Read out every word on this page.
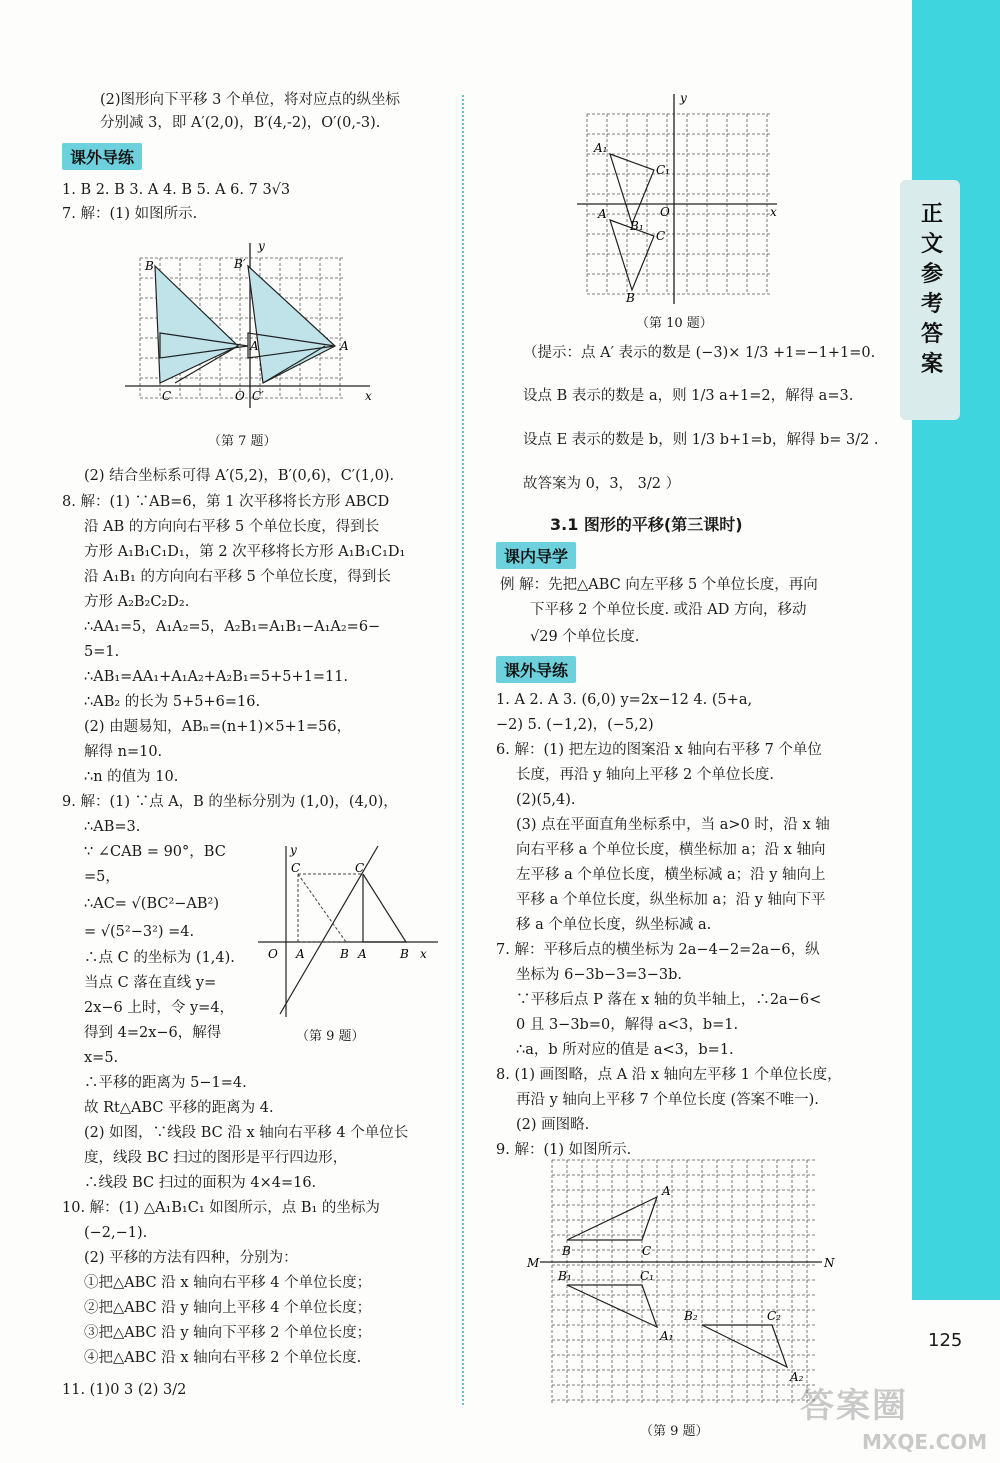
正文参考答案
125
答案圈
MXQE.COM
(2)图形向下平移 3 个单位，将对应点的纵坐标
分别减 3，即 A′(2,0)，B′(4,-2)，O′(0,-3).
课外导练
1. B 2. B 3. A 4. B 5. A 6. 7 3√3
7. 解：(1) 如图所示.
B	B′
A	A
C	O C′
y
x
（第 7 题）
(2) 结合坐标系可得 A′(5,2)，B′(0,6)，C′(1,0).
8. 解：(1) ∵AB=6，第 1 次平移将长方形 ABCD
沿 AB 的方向向右平移 5 个单位长度，得到长
方形 A₁B₁C₁D₁，第 2 次平移将长方形 A₁B₁C₁D₁
沿 A₁B₁ 的方向向右平移 5 个单位长度，得到长
方形 A₂B₂C₂D₂.
∴AA₁=5，A₁A₂=5，A₂B₁=A₁B₁−A₁A₂=6−
5=1.
∴AB₁=AA₁+A₁A₂+A₂B₁=5+5+1=11.
∴AB₂ 的长为 5+5+6=16.
(2) 由题易知，ABₙ=(n+1)×5+1=56，
解得 n=10.
∴n 的值为 10.
9. 解：(1) ∵点 A，B 的坐标分别为 (1,0)，(4,0)，
∴AB=3.
∵ ∠CAB = 90°，BC
=5，
∴AC= √(BC²−AB²)
= √(5²−3²) =4.
∴点 C 的坐标为 (1,4).
当点 C 落在直线 y=
2x−6 上时，令 y=4，
得到 4=2x−6，解得
x=5.
y
C	C
O A	B A	B x
（第 9 题）
∴平移的距离为 5−1=4.
故 Rt△ABC 平移的距离为 4.
(2) 如图，∵线段 BC 沿 x 轴向右平移 4 个单位长
度，线段 BC 扫过的图形是平行四边形，
∴线段 BC 扫过的面积为 4×4=16.
10. 解：(1) △A₁B₁C₁ 如图所示，点 B₁ 的坐标为
(−2,−1).
(2) 平移的方法有四种，分别为：
①把△ABC 沿 x 轴向右平移 4 个单位长度；
②把△ABC 沿 y 轴向上平移 4 个单位长度；
③把△ABC 沿 y 轴向下平移 2 个单位长度；
④把△ABC 沿 x 轴向右平移 2 个单位长度.
11. (1)0 3 (2) 3/2
A₁
C₁
B₁
A
C
B
O
y
x
（第 10 题）
（提示：点 A′ 表示的数是 (−3)× 1/3 +1=−1+1=0.
设点 B 表示的数是 a，则 1/3 a+1=2，解得 a=3.
设点 E 表示的数是 b，则 1/3 b+1=b，解得 b= 3/2 .
故答案为 0，3， 3/2 ）
3.1 图形的平移(第三课时)
课内导学
例 解：先把△ABC 向左平移 5 个单位长度，再向
下平移 2 个单位长度. 或沿 AD 方向，移动
√29 个单位长度.
课外导练
1. A 2. A 3. (6,0) y=2x−12 4. (5+a,
−2) 5. (−1,2)，(−5,2)
6. 解：(1) 把左边的图案沿 x 轴向右平移 7 个单位
长度，再沿 y 轴向上平移 2 个单位长度.
(2)(5,4).
(3) 点在平面直角坐标系中，当 a>0 时，沿 x 轴
向右平移 a 个单位长度，横坐标加 a；沿 x 轴向
左平移 a 个单位长度，横坐标减 a；沿 y 轴向上
平移 a 个单位长度，纵坐标加 a；沿 y 轴向下平
移 a 个单位长度，纵坐标减 a.
7. 解：平移后点的横坐标为 2a−4−2=2a−6，纵
坐标为 6−3b−3=3−3b.
∵平移后点 P 落在 x 轴的负半轴上，∴2a−6<
0 且 3−3b=0，解得 a<3，b=1.
∴a，b 所对应的值是 a<3，b=1.
8. (1) 画图略，点 A 沿 x 轴向左平移 1 个单位长度，
再沿 y 轴向上平移 7 个单位长度 (答案不唯一).
(2) 画图略.
9. 解：(1) 如图所示.
A
B	C
M	N
B₁	C₁
A₁
B₂	C₂
A₂
（第 9 题）
